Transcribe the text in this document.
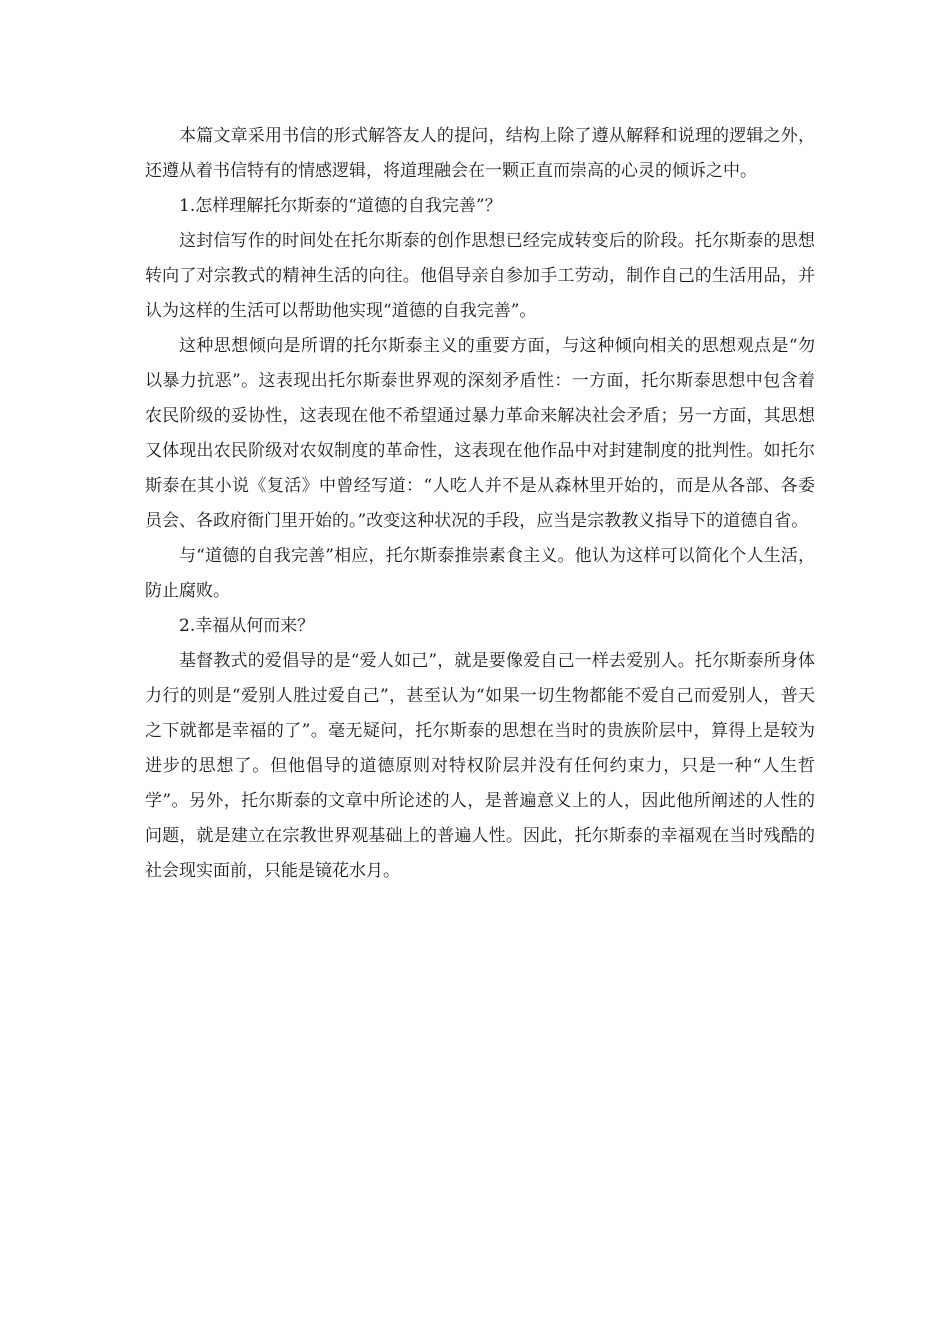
本篇文章采用书信的形式解答友人的提问，结构上除了遵从解释和说理的逻辑之外，还遵从着书信特有的情感逻辑，将道理融会在一颗正直而崇高的心灵的倾诉之中。

1.怎样理解托尔斯泰的“道德的自我完善”？

这封信写作的时间处在托尔斯泰的创作思想已经完成转变后的阶段。托尔斯泰的思想转向了对宗教式的精神生活的向往。他倡导亲自参加手工劳动，制作自己的生活用品，并认为这样的生活可以帮助他实现“道德的自我完善”。

这种思想倾向是所谓的托尔斯泰主义的重要方面，与这种倾向相关的思想观点是“勿以暴力抗恶”。这表现出托尔斯泰世界观的深刻矛盾性：一方面，托尔斯泰思想中包含着农民阶级的妥协性，这表现在他不希望通过暴力革命来解决社会矛盾；另一方面，其思想又体现出农民阶级对农奴制度的革命性，这表现在他作品中对封建制度的批判性。如托尔斯泰在其小说《复活》中曾经写道：“人吃人并不是从森林里开始的，而是从各部、各委员会、各政府衙门里开始的。”改变这种状况的手段，应当是宗教教义指导下的道德自省。

与“道德的自我完善”相应，托尔斯泰推崇素食主义。他认为这样可以简化个人生活，防止腐败。

2.幸福从何而来？

基督教式的爱倡导的是“爱人如己”，就是要像爱自己一样去爱别人。托尔斯泰所身体力行的则是“爱别人胜过爱自己”，甚至认为“如果一切生物都能不爱自己而爱别人，普天之下就都是幸福的了”。毫无疑问，托尔斯泰的思想在当时的贵族阶层中，算得上是较为进步的思想了。但他倡导的道德原则对特权阶层并没有任何约束力，只是一种“人生哲学”。另外，托尔斯泰的文章中所论述的人，是普遍意义上的人，因此他所阐述的人性的问题，就是建立在宗教世界观基础上的普遍人性。因此，托尔斯泰的幸福观在当时残酷的社会现实面前，只能是镜花水月。
